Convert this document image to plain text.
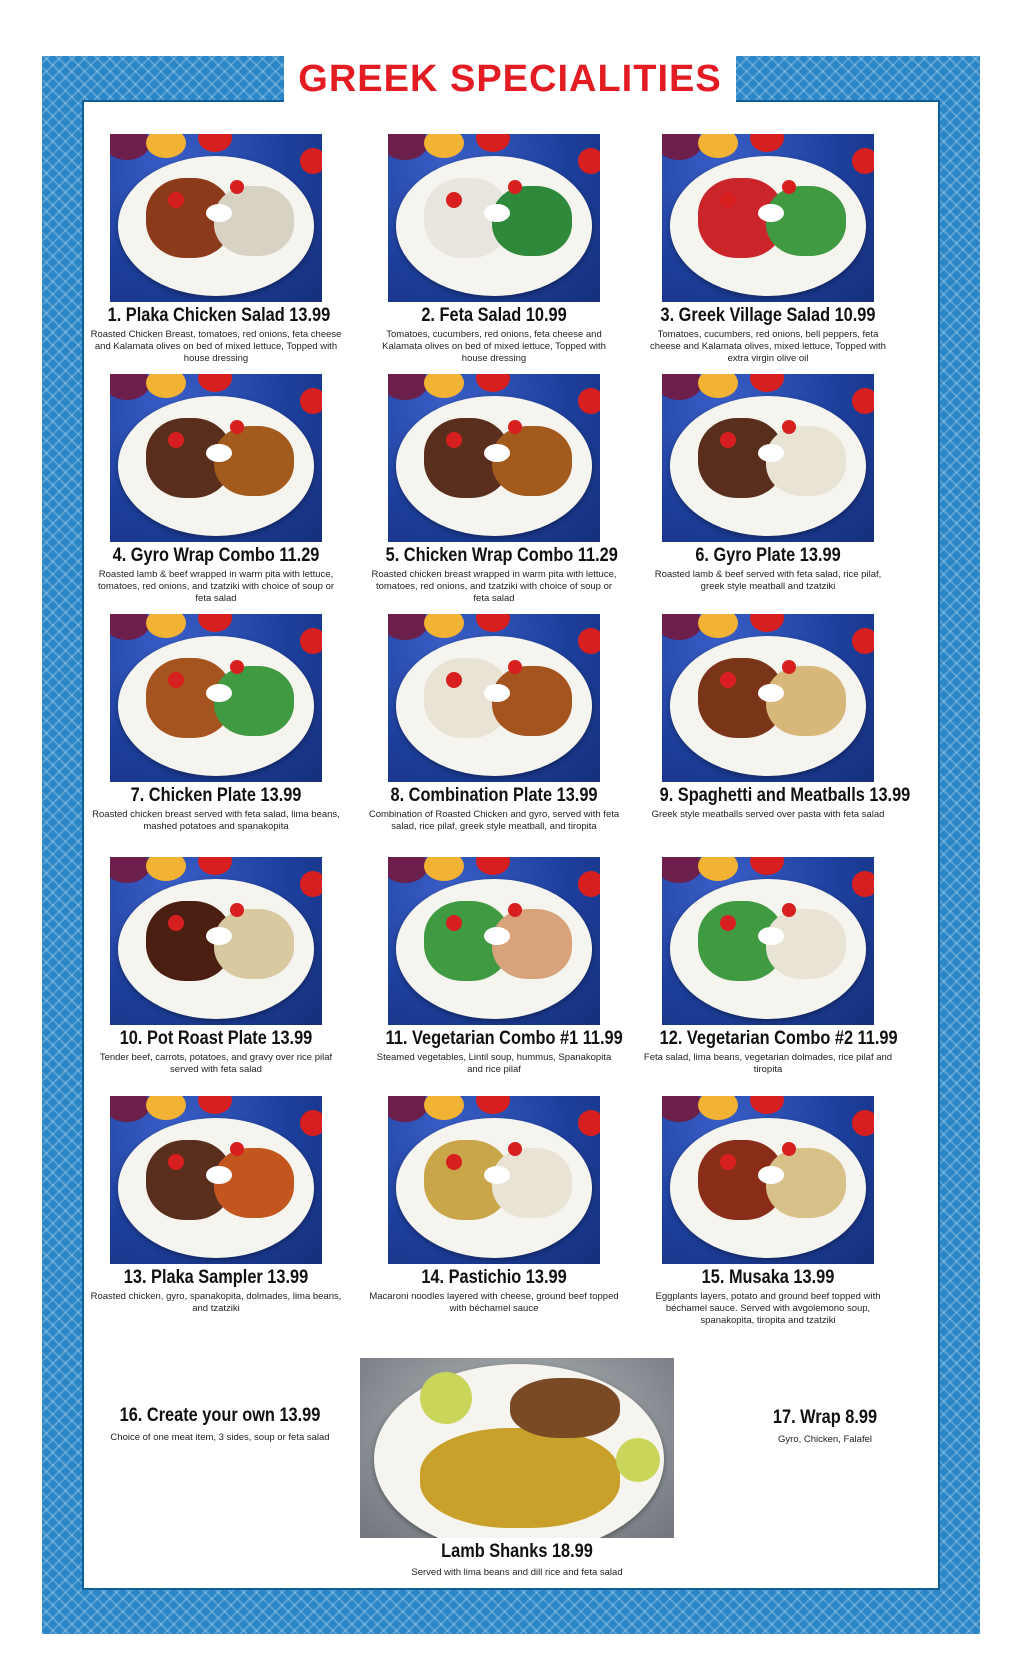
GREEK SPECIALITIES
1. Plaka Chicken Salad 13.99
Roasted Chicken Breast, tomatoes, red onions, feta cheese and Kalamata olives on bed of mixed lettuce, Topped with house dressing
2. Feta Salad 10.99
Tomatoes, cucumbers, red onions, feta cheese and Kalamata olives on bed of mixed lettuce, Topped with house dressing
3. Greek Village Salad 10.99
Tomatoes, cucumbers, red onions, bell peppers, feta cheese and Kalamata olives, mixed lettuce, Topped with extra virgin olive oil
4. Gyro Wrap Combo 11.29
Roasted lamb & beef wrapped in warm pita with lettuce, tomatoes, red onions, and tzatziki with choice of soup or feta salad
5. Chicken Wrap Combo 11.29
Roasted chicken breast wrapped in warm pita with lettuce, tomatoes, red onions, and tzatziki with choice of soup or feta salad
6. Gyro Plate 13.99
Roasted lamb & beef served with feta salad, rice pilaf, greek style meatball and tzatziki
7. Chicken Plate 13.99
Roasted chicken breast served with feta salad, lima beans, mashed potatoes and spanakopita
8. Combination Plate 13.99
Combination of Roasted Chicken and gyro, served with feta salad, rice pilaf, greek style meatball, and tiropita
9. Spaghetti and Meatballs 13.99
Greek style meatballs served over pasta with feta salad
10. Pot Roast Plate 13.99
Tender beef, carrots, potatoes, and gravy over rice pilaf served with feta salad
11. Vegetarian Combo #1 11.99
Steamed vegetables, Lintil soup, hummus, Spanakopita and rice pilaf
12. Vegetarian Combo #2 11.99
Feta salad, lima beans, vegetarian dolmades, rice pilaf and tiropita
13. Plaka Sampler 13.99
Roasted chicken, gyro, spanakopita, dolmades, lima beans, and tzatziki
14. Pastichio 13.99
Macaroni noodles layered with cheese, ground beef topped with béchamel sauce
15. Musaka 13.99
Eggplants layers, potato and ground beef topped with béchamel sauce. Served with avgolemono soup, spanakopita, tiropita and tzatziki
16. Create your own 13.99
Choice of one meat item, 3 sides, soup or feta salad
17. Wrap 8.99
Gyro, Chicken, Falafel
Lamb Shanks 18.99
Served with lima beans and dill rice and feta salad
